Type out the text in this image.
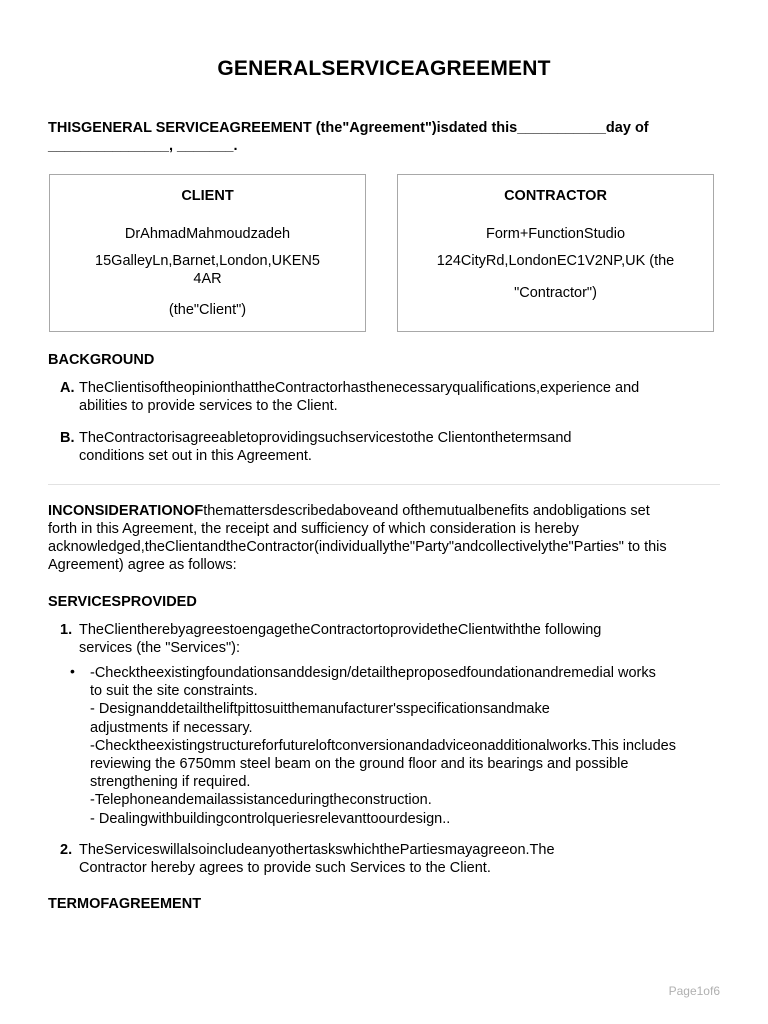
GENERALSERVICEAGREEMENT
THISGENERAL SERVICEAGREEMENT (the"Agreement")isdated this___________day of
_______________, _______.
CLIENT
DrAhmadMahmoudzadeh
15GalleyLn,Barnet,London,UKEN5 4AR
(the"Client")
CONTRACTOR
Form+FunctionStudio
124CityRd,LondonEC1V2NP,UK (the
"Contractor")
BACKGROUND
A. TheClientisoftheopinionthattheContractorhasthenecessaryqualifications,experience and
abilities to provide services to the Client.
B. TheContractorisagreeabletoprovidingsuchservicestothe Clientonthetermsand
conditions set out in this Agreement.
INCONSIDERATIONOFthematters​describedaboveand ofthemutualbenefits andobligations set
forth in this Agreement, the receipt and sufficiency of which consideration is hereby
acknowledged,theClientandtheContractor(individuallythe"Party"andcollectivelythe"Parties" to this
Agreement) agree as follows:
SERVICESPROVIDED
1. TheClientherebyagreestoengagetheContractortoprovidetheClientwiththe following
services (the "Services"):
• -Checktheexistingfoundationsanddesign/detailtheproposedfoundationandremedial works
to suit the site constraints.
- Designanddetailtheliftpittosuitthemanufacturer'sspecificationsandmake
adjustments if necessary.
-Checktheexistingstructureforfutureloftconversionandadviceonadditionalworks.This includes
reviewing the 6750mm steel beam on the ground floor and its bearings and possible
strengthening if required.
-Telephoneandemailassistanceduringtheconstruction.
- Dealingwithbuildingcontrolqueriesrelevanttoourdesign..
2. TheServiceswillalsoincludeanyothertaskswhichthePartiesmayagreeon.The
Contractor hereby agrees to provide such Services to the Client.
TERMOFAGREEMENT
Page1of6
